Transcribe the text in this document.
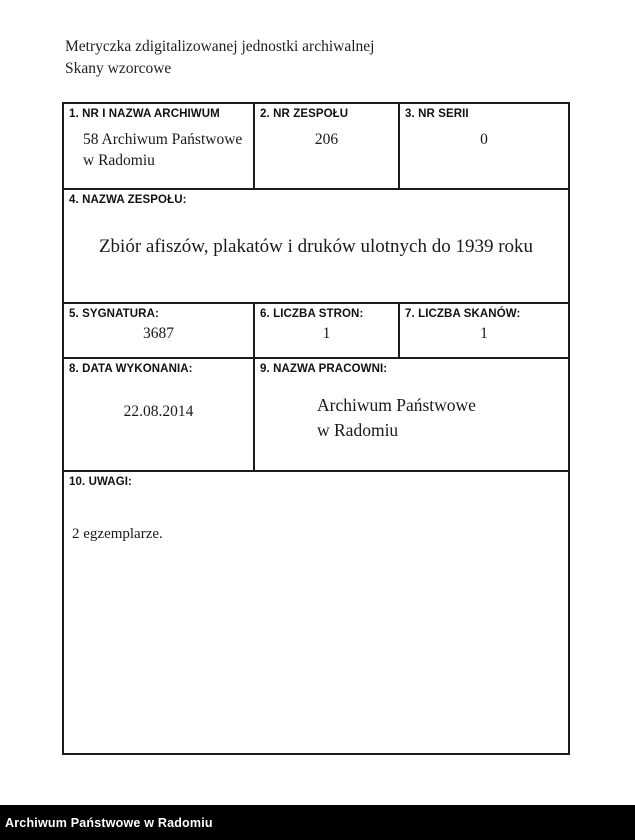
Metryczka zdigitalizowanej jednostki archiwalnej
Skany wzorcowe
1. NR I NAZWA ARCHIWUM
58 Archiwum Państwowe
w Radomiu
2. NR ZESPOŁU
206
3. NR SERII
0
4. NAZWA ZESPOŁU:
Zbiór afiszów, plakatów i druków ulotnych do 1939 roku
5. SYGNATURA:
3687
6. LICZBA STRON:
1
7. LICZBA SKANÓW:
1
8. DATA WYKONANIA:
22.08.2014
9. NAZWA PRACOWNI:
Archiwum Państwowe
w Radomiu
10. UWAGI:
2 egzemplarze.
Archiwum Państwowe w Radomiu
